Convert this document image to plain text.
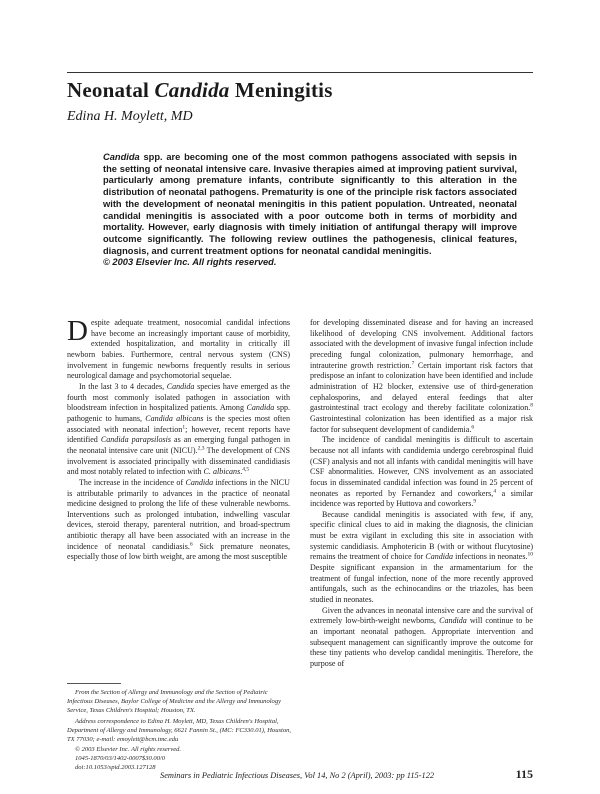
Neonatal Candida Meningitis
Edina H. Moylett, MD

Candida spp. are becoming one of the most common pathogens associated with sepsis in the setting of neonatal intensive care. Invasive therapies aimed at improving patient survival, particularly among premature infants, contribute significantly to this alteration in the distribution of neonatal pathogens. Prematurity is one of the principle risk factors associated with the development of neonatal meningitis in this patient population. Untreated, neonatal candidal meningitis is associated with a poor outcome both in terms of morbidity and mortality. However, early diagnosis with timely initiation of antifungal therapy will improve outcome significantly. The following review outlines the pathogenesis, clinical features, diagnosis, and current treatment options for neonatal candidal meningitis.
© 2003 Elsevier Inc. All rights reserved.

Despite adequate treatment, nosocomial candidal infections have become an increasingly important cause of morbidity, extended hospitalization, and mortality in critically ill newborn babies. Furthermore, central nervous system (CNS) involvement in fungemic newborns frequently results in serious neurological damage and psychomotorial sequelae.

In the last 3 to 4 decades, Candida species have emerged as the fourth most commonly isolated pathogen in association with bloodstream infection in hospitalized patients. Among Candida spp. pathogenic to humans, Candida albicans is the species most often associated with neonatal infection$^1$; however, recent reports have identified Candida parapsilosis as an emerging fungal pathogen in the neonatal intensive care unit (NICU).$^{2,3}$ The development of CNS involvement is associated principally with disseminated candidiasis and most notably related to infection with C. albicans.$^{4,5}$

The increase in the incidence of Candida infections in the NICU is attributable primarily to advances in the practice of neonatal medicine designed to prolong the life of these vulnerable newborns. Interventions such as prolonged intubation, indwelling vascular devices, steroid therapy, parenteral nutrition, and broad-spectrum antibiotic therapy all have been associated with an increase in the incidence of neonatal candidiasis.$^6$ Sick premature neonates, especially those of low birth weight, are among the most susceptible

From the Section of Allergy and Immunology and the Section of Pediatric Infectious Diseases, Baylor College of Medicine and the Allergy and Immunology Service, Texas Children's Hospital; Houston, TX.

Address correspondence to Edina H. Moylett, MD, Texas Children's Hospital, Department of Allergy and Immunology, 6621 Fannin St., (MC: FC330.01), Houston, TX 77030; e-mail: emoylett@bcm.tmc.edu

© 2003 Elsevier Inc. All rights reserved.

1045-1870/03/1402-0007$30.00/0

doi:10.1053/spid.2003.127128

for developing disseminated disease and for having an increased likelihood of developing CNS involvement. Additional factors associated with the development of invasive fungal infection include preceding fungal colonization, pulmonary hemorrhage, and intrauterine growth restriction.$^7$ Certain important risk factors that predispose an infant to colonization have been identified and include administration of H2 blocker, extensive use of third-generation cephalosporins, and delayed enteral feedings that alter gastrointestinal tract ecology and thereby facilitate colonization.$^8$ Gastrointestinal colonization has been identified as a major risk factor for subsequent development of candidemia.$^6$

The incidence of candidal meningitis is difficult to ascertain because not all infants with candidemia undergo cerebrospinal fluid (CSF) analysis and not all infants with candidal meningitis will have CSF abnormalities. However, CNS involvement as an associated focus in disseminated candidal infection was found in 25 percent of neonates as reported by Fernandez and coworkers,$^4$ a similar incidence was reported by Huttova and coworkers.$^9$

Because candidal meningitis is associated with few, if any, specific clinical clues to aid in making the diagnosis, the clinician must be extra vigilant in excluding this site in association with systemic candidiasis. Amphotericin B (with or without flucytosine) remains the treatment of choice for Candida infections in neonates.$^{10}$ Despite significant expansion in the armamentarium for the treatment of fungal infection, none of the more recently approved antifungals, such as the echinocandins or the triazoles, has been studied in neonates.

Given the advances in neonatal intensive care and the survival of extremely low-birth-weight newborns, Candida will continue to be an important neonatal pathogen. Appropriate intervention and subsequent management can significantly improve the outcome for these tiny patients who develop candidal meningitis. Therefore, the purpose of

Seminars in Pediatric Infectious Diseases, Vol 14, No 2 (April), 2003: pp 115-122	115
